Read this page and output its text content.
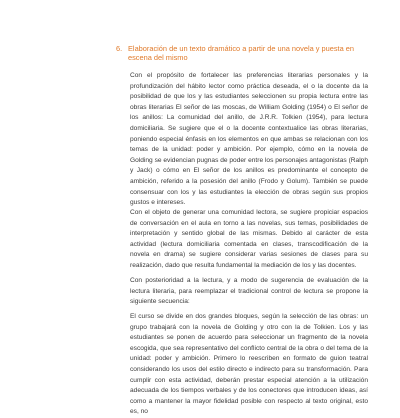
6. Elaboración de un texto dramático a partir de una novela y puesta en escena del mismo

Con el propósito de fortalecer las preferencias literarias personales y la profundización del hábito lector como práctica deseada, el o la docente da la posibilidad de que los y las estudiantes seleccionen su propia lectura entre las obras literarias El señor de las moscas, de William Golding (1954) o El señor de los anillos: La comunidad del anillo, de J.R.R. Tolkien (1954), para lectura domiciliaria. Se sugiere que el o la docente contextualice las obras literarias, poniendo especial énfasis en los elementos en que ambas se relacionan con los temas de la unidad: poder y ambición. Por ejemplo, cómo en la novela de Golding se evidencian pugnas de poder entre los personajes antagonistas (Ralph y Jack) o cómo en El señor de los anillos es predominante el concepto de ambición, referido a la posesión del anillo (Frodo y Golum). También se puede consensuar con los y las estudiantes la elección de obras según sus propios gustos e intereses.

Con el objeto de generar una comunidad lectora, se sugiere propiciar espacios de conversación en el aula en torno a las novelas, sus temas, posibilidades de interpretación y sentido global de las mismas. Debido al carácter de esta actividad (lectura domiciliaria comentada en clases, transcodificación de la novela en drama) se sugiere considerar varias sesiones de clases para su realización, dado que resulta fundamental la mediación de los y las docentes.

Con posterioridad a la lectura, y a modo de sugerencia de evaluación de la lectura literaria, para reemplazar el tradicional control de lectura se propone la siguiente secuencia:

El curso se divide en dos grandes bloques, según la selección de las obras: un grupo trabajará con la novela de Golding y otro con la de Tolkien. Los y las estudiantes se ponen de acuerdo para seleccionar un fragmento de la novela escogida, que sea representativo del conflicto central de la obra o del tema de la unidad: poder y ambición. Primero lo reescriben en formato de guion teatral considerando los usos del estilo directo e indirecto para su transformación. Para cumplir con esta actividad, deberán prestar especial atención a la utilización adecuada de los tiempos verbales y de los conectores que introducen ideas, así como a mantener la mayor fidelidad posible con respecto al texto original, esto es, no
